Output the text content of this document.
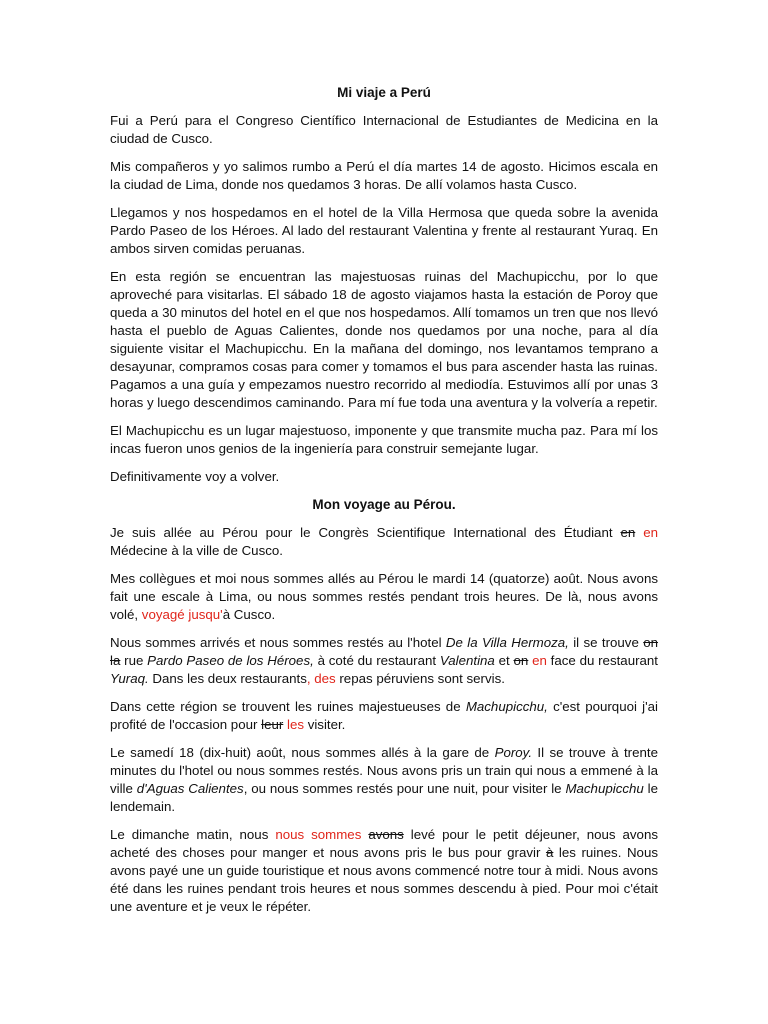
Mi viaje a Perú

Fui a Perú para el Congreso Científico Internacional de Estudiantes de Medicina en la ciudad de Cusco.

Mis compañeros y yo salimos rumbo a Perú el día martes 14 de agosto. Hicimos escala en la ciudad de Lima, donde nos quedamos 3 horas. De allí volamos hasta Cusco.

Llegamos y nos hospedamos en el hotel de la Villa Hermosa que queda sobre la avenida Pardo Paseo de los Héroes. Al lado del restaurant Valentina y frente al restaurant Yuraq. En ambos sirven comidas peruanas.

En esta región se encuentran las majestuosas ruinas del Machupicchu, por lo que aproveché para visitarlas. El sábado 18 de agosto viajamos hasta la estación de Poroy que queda a 30 minutos del hotel en el que nos hospedamos. Allí tomamos un tren que nos llevó hasta el pueblo de Aguas Calientes, donde nos quedamos por una noche, para al día siguiente visitar el Machupicchu. En la mañana del domingo, nos levantamos temprano a desayunar, compramos cosas para comer y tomamos el bus para ascender hasta las ruinas. Pagamos a una guía y empezamos nuestro recorrido al mediodía. Estuvimos allí por unas 3 horas y luego descendimos caminando. Para mí fue toda una aventura y la volvería a repetir.

El Machupicchu es un lugar majestuoso, imponente y que transmite mucha paz. Para mí los incas fueron unos genios de la ingeniería para construir semejante lugar.

Definitivamente voy a volver.

Mon voyage au Pérou.

Je suis allée au Pérou pour le Congrès Scientifique International des Étudiant en en Médecine à la ville de Cusco.

Mes collègues et moi nous sommes allés au Pérou le mardi 14 (quatorze) août. Nous avons fait une escale à Lima, ou nous sommes restés pendant trois heures. De là, nous avons volé, voyagé jusqu'à Cusco.

Nous sommes arrivés et nous sommes restés au l'hotel De la Villa Hermoza, il se trouve on la rue Pardo Paseo de los Héroes, à coté du restaurant Valentina et on en face du restaurant Yuraq. Dans les deux restaurants, des repas péruviens sont servis.

Dans cette région se trouvent les ruines majestueuses de Machupicchu, c'est pourquoi j'ai profité de l'occasion pour leur les visiter.

Le samedí 18 (dix-huit) août, nous sommes allés à la gare de Poroy. Il se trouve à trente minutes du l'hotel ou nous sommes restés. Nous avons pris un train qui nous a emmené à la ville d'Aguas Calientes, ou nous sommes restés pour une nuit, pour visiter le Machupicchu le lendemain.

Le dimanche matin, nous nous sommes avons levé pour le petit déjeuner, nous avons acheté des choses pour manger et nous avons pris le bus pour gravir à les ruines. Nous avons payé une un guide touristique et nous avons commencé notre tour à midi. Nous avons été dans les ruines pendant trois heures et nous sommes descendu à pied. Pour moi c'était une aventure et je veux le répéter.
